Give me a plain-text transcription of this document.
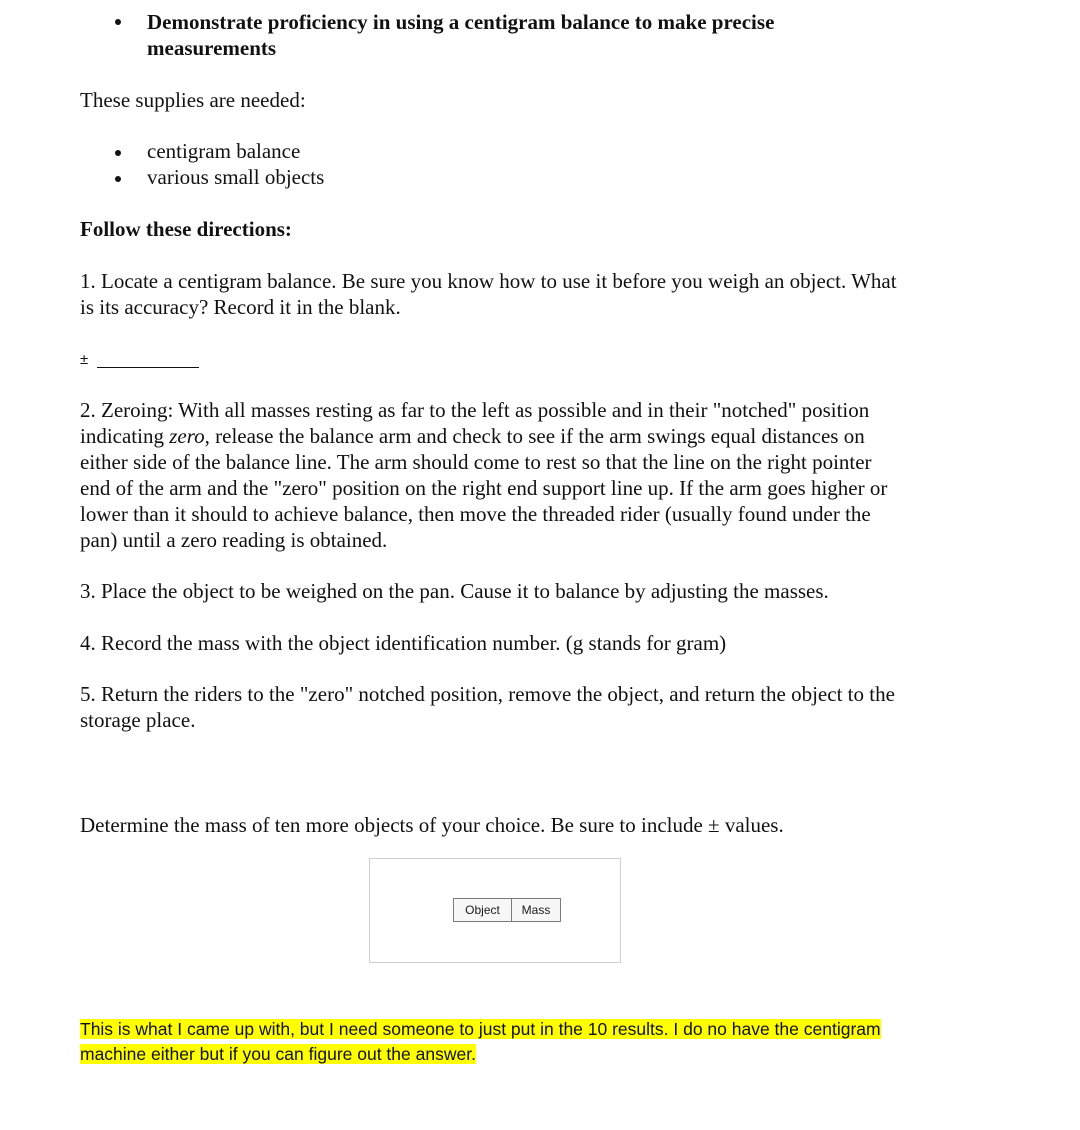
Demonstrate proficiency in using a centigram balance to make precise
measurements
These supplies are needed:
centigram balance
various small objects
Follow these directions:
1. Locate a centigram balance. Be sure you know how to use it before you weigh an object. What
is its accuracy? Record it in the blank.
±
2. Zeroing: With all masses resting as far to the left as possible and in their "notched" position
indicating zero, release the balance arm and check to see if the arm swings equal distances on
either side of the balance line. The arm should come to rest so that the line on the right pointer
end of the arm and the "zero" position on the right end support line up. If the arm goes higher or
lower than it should to achieve balance, then move the threaded rider (usually found under the
pan) until a zero reading is obtained.
3. Place the object to be weighed on the pan. Cause it to balance by adjusting the masses.
4. Record the mass with the object identification number. (g stands for gram)
5. Return the riders to the "zero" notched position, remove the object, and return the object to the
storage place.
Determine the mass of ten more objects of your choice. Be sure to include ± values.
Object	Mass
This is what I came up with, but I need someone to just put in the 10 results. I do no have the centigram
machine either but if you can figure out the answer.
